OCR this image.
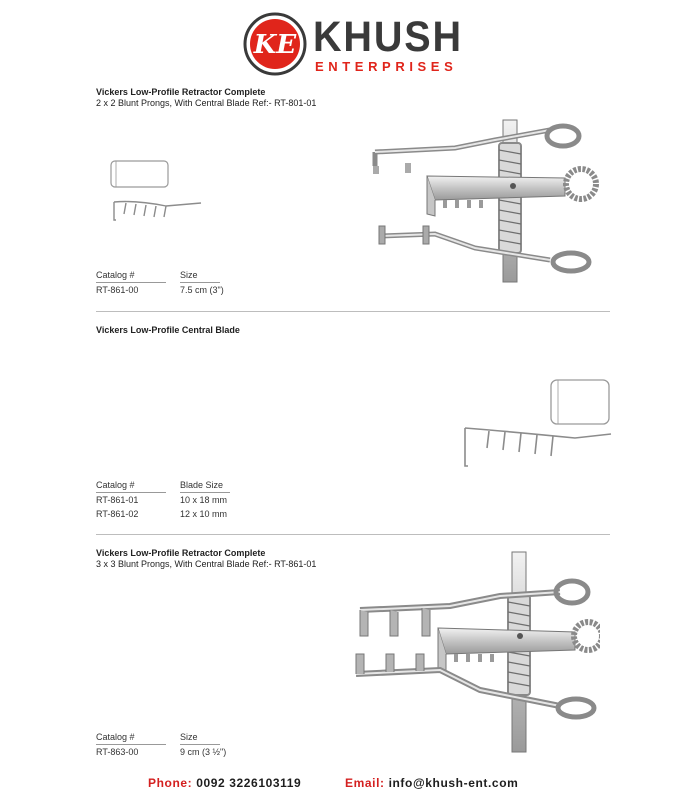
KE KHUSH
ENTERPRISES
Vickers Low-Profile Retractor Complete
2 x 2 Blunt Prongs, With Central Blade Ref:- RT-801-01
Catalog #	Size
RT-861-00	7.5 cm (3")
Vickers Low-Profile Central Blade
Catalog #	Blade Size
RT-861-01	10 x 18 mm
RT-861-02	12 x 10 mm
Vickers Low-Profile Retractor Complete
3 x 3 Blunt Prongs, With Central Blade Ref:- RT-861-01
Catalog #	Size
RT-863-00	9 cm (3 ½")
Phone: 0092 3226103119	Email: info@khush-ent.com
